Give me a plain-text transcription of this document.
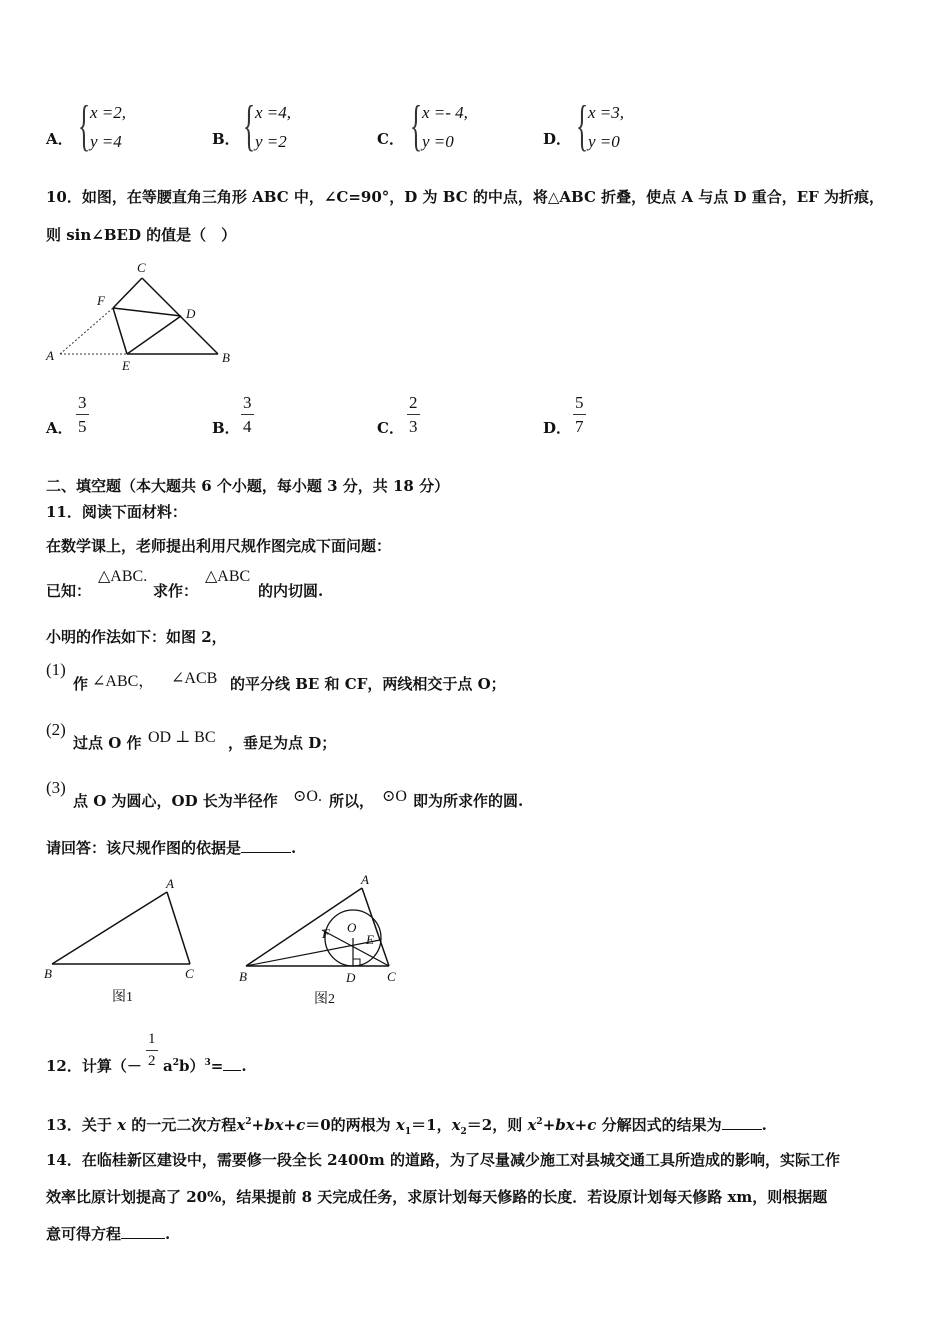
A． { x =2,
y =4	B． { x =4,
y =2	C． { x =- 4,
y =0	D． { x =3,
y =0
10．如图，在等腰直角三角形 ABC 中，∠C=90°，D 为 BC 的中点，将△ABC 折叠，使点 A 与点 D 重合，EF 为折痕，
则 sin∠BED 的值是（　）
C
F
D
A
E
B
A． $\frac{3}{5}$	B． $\frac{3}{4}$	C． $\frac{2}{3}$	D． $\frac{5}{7}$
二、填空题（本大题共 6 个小题，每小题 3 分，共 18 分）
11．阅读下面材料：
在数学课上，老师提出利用尺规作图完成下面问题：
已知：
△ABC.
求作：
△ABC
的内切圆.
小明的作法如下：如图 2，
(1)
作 ∠ABC， ∠ACB 的平分线 BE 和 CF，两线相交于点 O；
(2)
过点 O 作 OD ⊥ BC ，垂足为点 D；
(3)
点 O 为圆心，OD 长为半径作 ⊙O. 所以， ⊙O 即为所求作的圆.
请回答：该尺规作图的依据是	.
A
B	C
图1
A
B	C
D
E
F O
图2
12．计算（－ $\frac{1}{2} a^2b)^3=$ .
13．关于 x 的一元二次方程$x^2+bx+c=0$的两根为 $x_1=1$，$x_2=2$，则 $x^2+bx+c$ 分解因式的结果为	.
14．在临桂新区建设中，需要修一段全长 2400m 的道路，为了尽量减少施工对县城交通工具所造成的影响，实际工作
效率比原计划提高了 20%，结果提前 8 天完成任务，求原计划每天修路的长度．若设原计划每天修路 xm，则根据题
意可得方程	.
